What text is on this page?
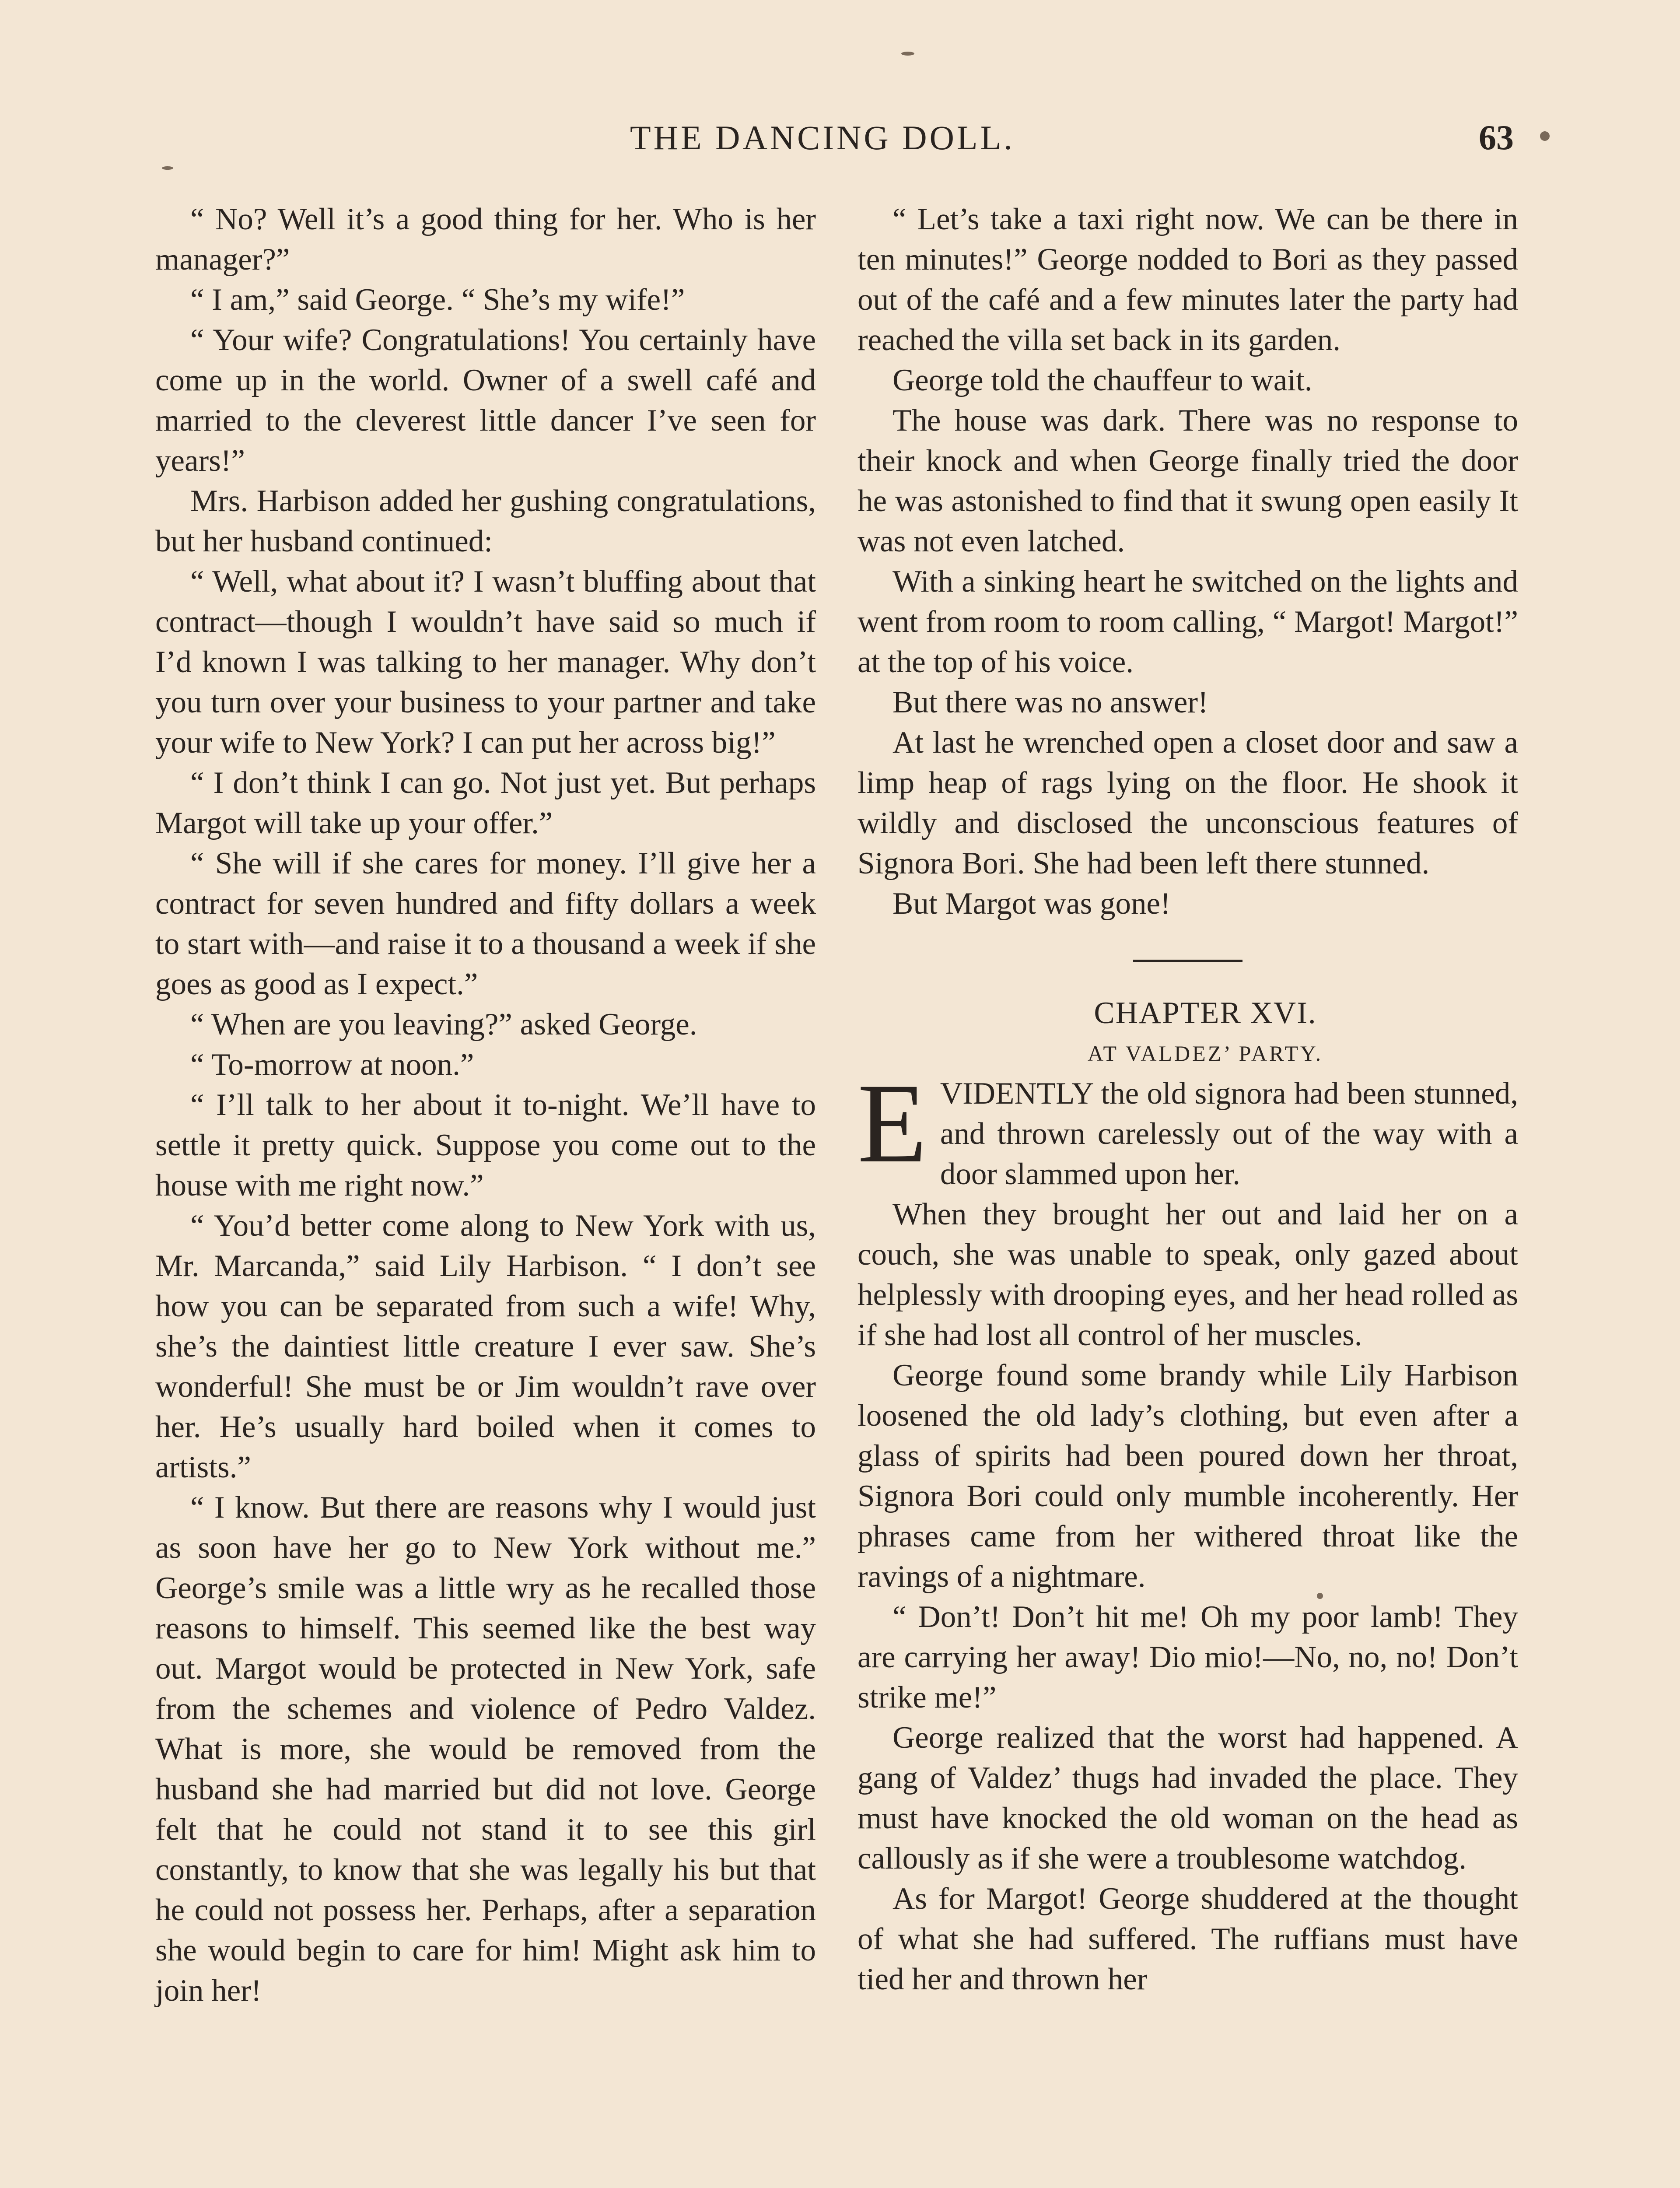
THE DANCING DOLL.	63

“ No? Well it’s a good thing for her. Who is her manager?”

“ I am,” said George. “ She’s my wife!”

“ Your wife? Congratulations! You certainly have come up in the world. Owner of a swell café and married to the cleverest little dancer I’ve seen for years!”

Mrs. Harbison added her gushing congratulations, but her husband continued:

“ Well, what about it? I wasn’t bluffing about that contract—though I wouldn’t have said so much if I’d known I was talking to her manager. Why don’t you turn over your business to your partner and take your wife to New York? I can put her across big!”

“ I don’t think I can go. Not just yet. But perhaps Margot will take up your offer.”

“ She will if she cares for money. I’ll give her a contract for seven hundred and fifty dollars a week to start with—and raise it to a thousand a week if she goes as good as I expect.”

“ When are you leaving?” asked George.

“ To-morrow at noon.”

“ I’ll talk to her about it to-night. We’ll have to settle it pretty quick. Suppose you come out to the house with me right now.”

“ You’d better come along to New York with us, Mr. Marcanda,” said Lily Harbison. “ I don’t see how you can be separated from such a wife! Why, she’s the daintiest little creature I ever saw. She’s wonderful! She must be or Jim wouldn’t rave over her. He’s usually hard boiled when it comes to artists.”

“ I know. But there are reasons why I would just as soon have her go to New York without me.” George’s smile was a little wry as he recalled those reasons to himself. This seemed like the best way out. Margot would be protected in New York, safe from the schemes and violence of Pedro Valdez. What is more, she would be removed from the husband she had married but did not love. George felt that he could not stand it to see this girl constantly, to know that she was legally his but that he could not possess her. Perhaps, after a separation she would begin to care for him! Might ask him to join her!

“ Let’s take a taxi right now. We can be there in ten minutes!” George nodded to Bori as they passed out of the café and a few minutes later the party had reached the villa set back in its garden.

George told the chauffeur to wait.

The house was dark. There was no response to their knock and when George finally tried the door he was astonished to find that it swung open easily It was not even latched.

With a sinking heart he switched on the lights and went from room to room calling, “ Margot! Margot!” at the top of his voice.

But there was no answer!

At last he wrenched open a closet door and saw a limp heap of rags lying on the floor. He shook it wildly and disclosed the unconscious features of Signora Bori. She had been left there stunned.

But Margot was gone!

CHAPTER XVI.

AT VALDEZ’ PARTY.

EVIDENTLY the old signora had been stunned, and thrown carelessly out of the way with a door slammed upon her.

When they brought her out and laid her on a couch, she was unable to speak, only gazed about helplessly with drooping eyes, and her head rolled as if she had lost all control of her muscles.

George found some brandy while Lily Harbison loosened the old lady’s clothing, but even after a glass of spirits had been poured down her throat, Signora Bori could only mumble incoherently. Her phrases came from her withered throat like the ravings of a nightmare.

“ Don’t! Don’t hit me! Oh my poor lamb! They are carrying her away! Dio mio!—No, no, no! Don’t strike me!”

George realized that the worst had happened. A gang of Valdez’ thugs had invaded the place. They must have knocked the old woman on the head as callously as if she were a troublesome watchdog.

As for Margot! George shuddered at the thought of what she had suffered. The ruffians must have tied her and thrown her
